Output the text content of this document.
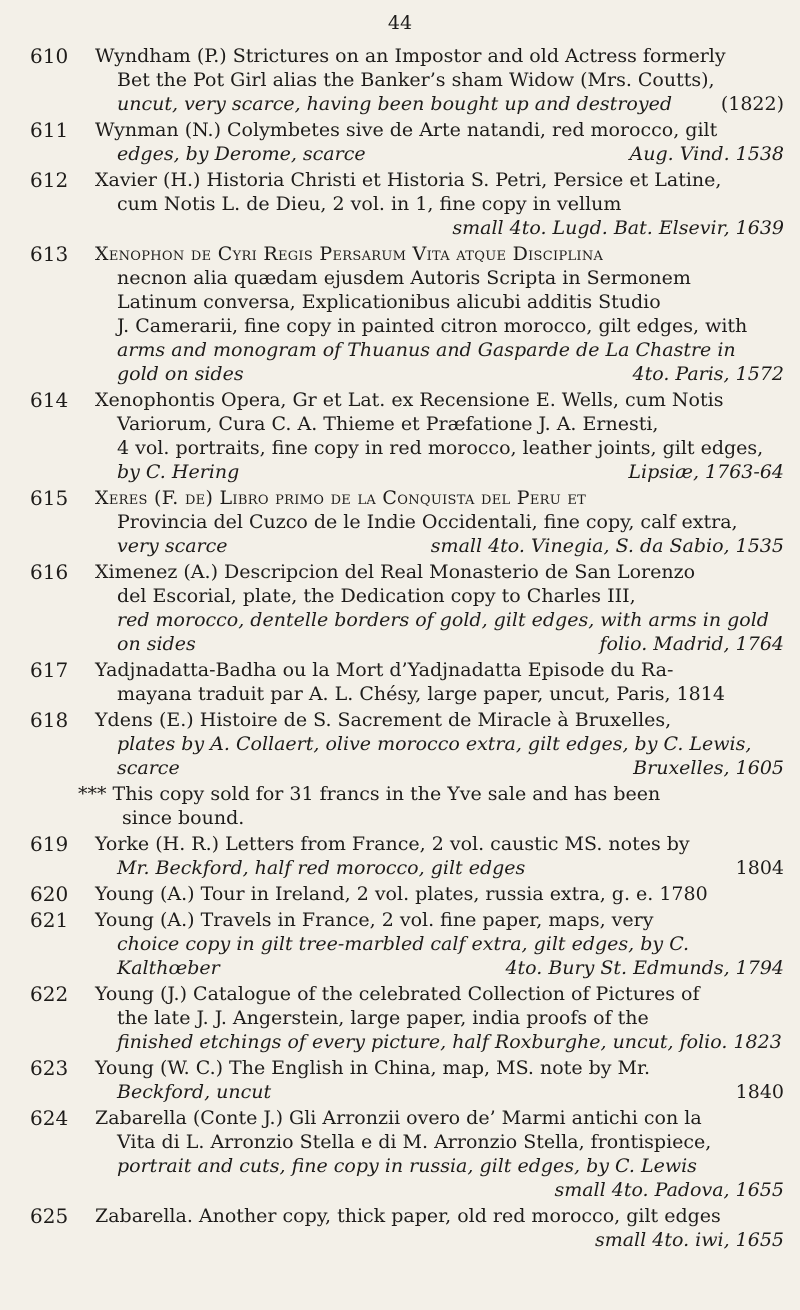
44
610 Wyndham (P.) Strictures on an Impostor and old Actress formerly
Bet the Pot Girl alias the Banker’s sham Widow (Mrs. Coutts),
uncut, very scarce, having been bought up and destroyed	(1822)
611 Wynman (N.) Colymbetes sive de Arte natandi, red morocco, gilt
edges, by Derome, scarce	Aug. Vind. 1538
612 Xavier (H.) Historia Christi et Historia S. Petri, Persice et Latine,
cum Notis L. de Dieu, 2 vol. in 1, fine copy in vellum
small 4to. Lugd. Bat. Elsevir, 1639
613 Xenophon de Cyri Regis Persarum Vita atque Disciplina
necnon alia quædam ejusdem Autoris Scripta in Sermonem
Latinum conversa, Explicationibus alicubi additis Studio
J. Camerarii, fine copy in painted citron morocco, gilt edges, with
arms and monogram of Thuanus and Gasparde de La Chastre in
gold on sides	4to. Paris, 1572
614 Xenophontis Opera, Gr et Lat. ex Recensione E. Wells, cum Notis
Variorum, Cura C. A. Thieme et Præfatione J. A. Ernesti,
4 vol. portraits, fine copy in red morocco, leather joints, gilt edges,
by C. Hering	Lipsiæ, 1763-64
615 Xeres (F. de) Libro primo de la Conquista del Peru et
Provincia del Cuzco de le Indie Occidentali, fine copy, calf extra,
very scarce	small 4to. Vinegia, S. da Sabio, 1535
616 Ximenez (A.) Descripcion del Real Monasterio de San Lorenzo
del Escorial, plate, the Dedication copy to Charles III,
red morocco, dentelle borders of gold, gilt edges, with arms in gold
on sides	folio. Madrid, 1764
617 Yadjnadatta-Badha ou la Mort d’Yadjnadatta Episode du Ra-
mayana traduit par A. L. Chésy, large paper, uncut, Paris, 1814
618 Ydens (E.) Histoire de S. Sacrement de Miracle à Bruxelles,
plates by A. Collaert, olive morocco extra, gilt edges, by C. Lewis,
scarce	Bruxelles, 1605
*** This copy sold for 31 francs in the Yve sale and has been
since bound.
619 Yorke (H. R.) Letters from France, 2 vol. caustic MS. notes by
Mr. Beckford, half red morocco, gilt edges	1804
620 Young (A.) Tour in Ireland, 2 vol. plates, russia extra, g. e. 1780
621 Young (A.) Travels in France, 2 vol. fine paper, maps, very
choice copy in gilt tree-marbled calf extra, gilt edges, by C.
Kalthœber	4to. Bury St. Edmunds, 1794
622 Young (J.) Catalogue of the celebrated Collection of Pictures of
the late J. J. Angerstein, large paper, india proofs of the
finished etchings of every picture, half Roxburghe, uncut, folio. 1823
623 Young (W. C.) The English in China, map, MS. note by Mr.
Beckford, uncut	1840
624 Zabarella (Conte J.) Gli Arronzii overo de’ Marmi antichi con la
Vita di L. Arronzio Stella e di M. Arronzio Stella, frontispiece,
portrait and cuts, fine copy in russia, gilt edges, by C. Lewis
small 4to. Padova, 1655
625 Zabarella. Another copy, thick paper, old red morocco, gilt edges
small 4to. iwi, 1655
